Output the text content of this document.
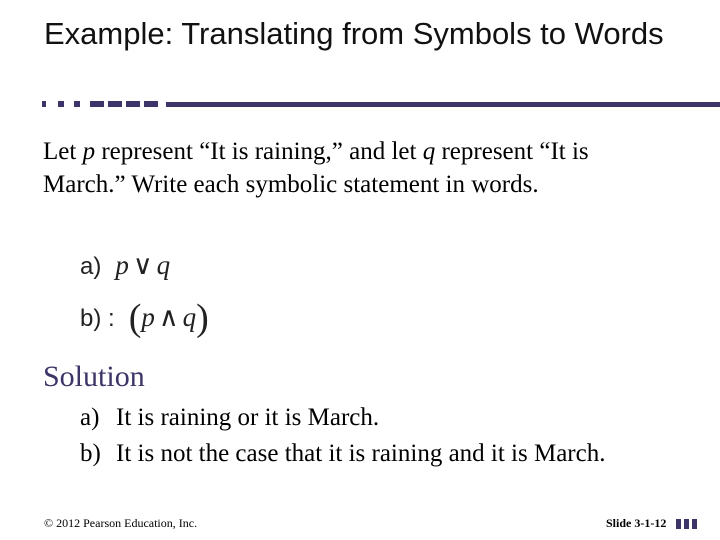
Example: Translating from Symbols to Words

Let p represent “It is raining,” and let q represent “It is March.” Write each symbolic statement in words.

a) p ∨ q
b) : (p ∧ q)
Solution
a) It is raining or it is March.
b) It is not the case that it is raining and it is March.
© 2012 Pearson Education, Inc.	Slide 3-1-12
